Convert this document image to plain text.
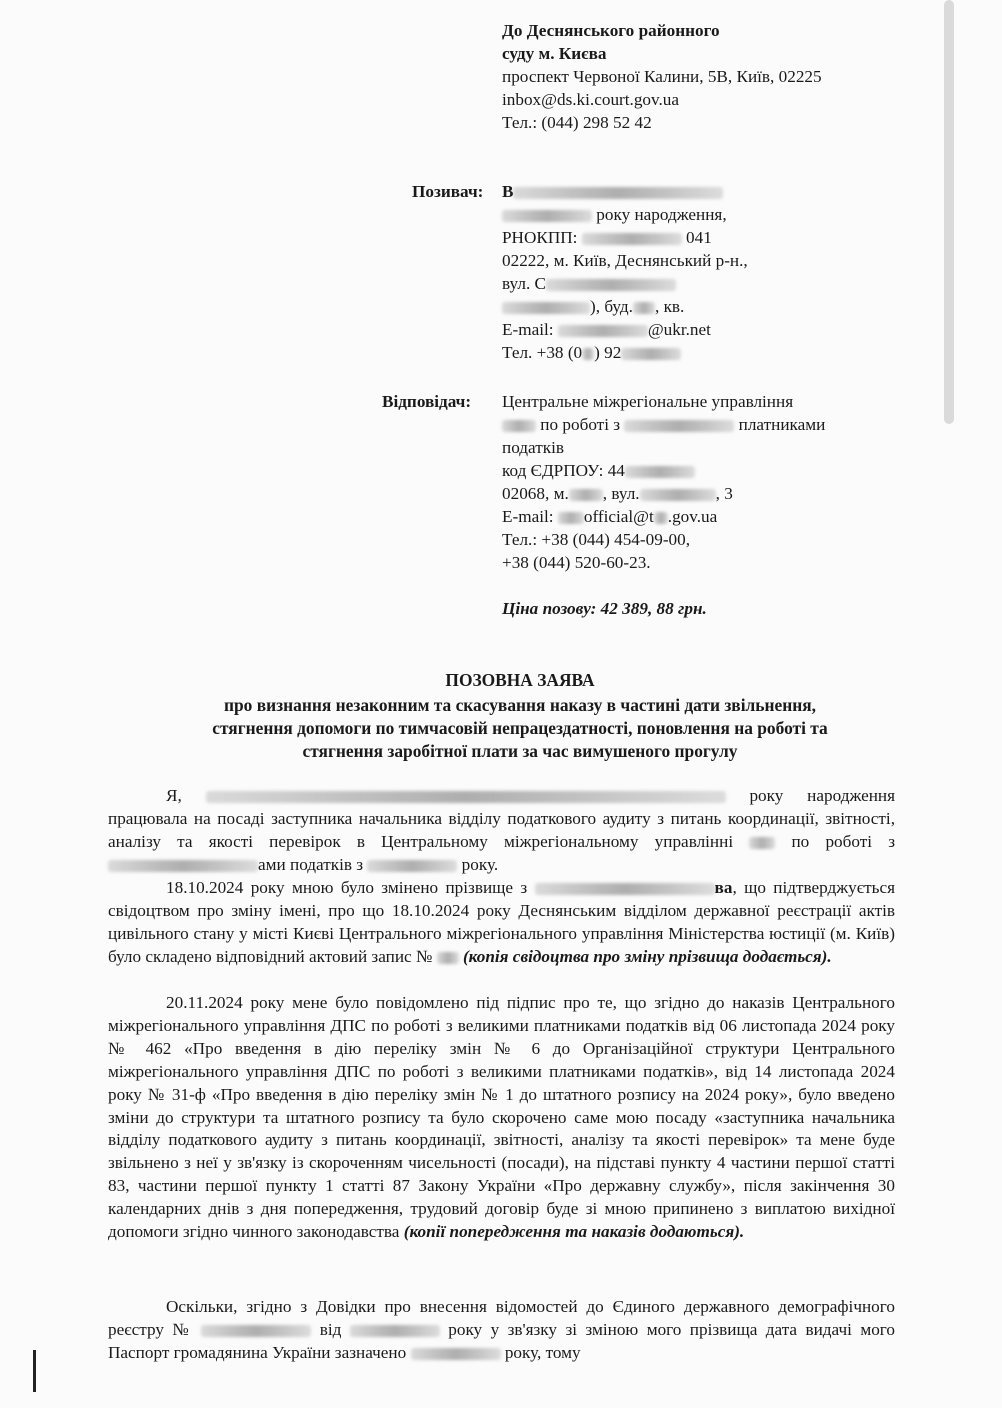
До Деснянського районного
суду м. Києва
проспект Червоної Калини, 5В, Київ, 02225
inbox@ds.ki.court.gov.ua
Тел.: (044) 298 52 42
Позивач: В
року народження,
РНОКПП:	041
02222, м. Київ, Деснянський р-н.,
вул. С
), буд. , кв.
E-mail:	@ukr.net
Тел. +38 (0 ) 92
Відповідач: Центральне міжрегіональне управління
по роботі з	платниками
податків
код ЄДРПОУ: 44
02068, м. , вул.	, 3
E-mail: official@t .gov.ua
Тел.: +38 (044) 454-09-00,
+38 (044) 520-60-23.
Ціна позову: 42 389, 88 грн.
ПОЗОВНА ЗАЯВА
про визнання незаконним та скасування наказу в частині дати звільнення,
стягнення допомоги по тимчасовій непрацездатності, поновлення на роботі та
стягнення заробітної плати за час вимушеного прогулу
Я,	року народження працювала на посаді заступника начальника відділу податкового аудиту з питань координації, звітності, аналізу та якості перевірок в Центральному міжрегіональному управлінні	по роботі з ами податків з	року.
18.10.2024 року мною було змінено прізвище з	ва, що підтверджується свідоцтвом про зміну імені, про що 18.10.2024 року Деснянським відділом державної реєстрації актів цивільного стану у місті Києві Центрального міжрегіонального управління Міністерства юстиції (м. Київ) було складено відповідний актовий запис № (копія свідоцтва про зміну прізвища додається).
20.11.2024 року мене було повідомлено під підпис про те, що згідно до наказів Центрального міжрегіонального управління ДПС по роботі з великими платниками податків від 06 листопада 2024 року № 462 «Про введення в дію переліку змін № 6 до Організаційної структури Центрального міжрегіонального управління ДПС по роботі з великими платниками податків», від 14 листопада 2024 року № 31-ф «Про введення в дію переліку змін № 1 до штатного розпису на 2024 року», було введено зміни до структури та штатного розпису та було скорочено саме мою посаду «заступника начальника відділу податкового аудиту з питань координації, звітності, аналізу та якості перевірок» та мене буде звільнено з неї у зв'язку із скороченням чисельності (посади), на підставі пункту 4 частини першої статті 83, частини першої пункту 1 статті 87 Закону України «Про державну службу», після закінчення 30 календарних днів з дня попередження, трудовий договір буде зі мною припинено з виплатою вихідної допомоги згідно чинного законодавства (копії попередження та наказів додаються).
Оскільки, згідно з Довідки про внесення відомостей до Єдиного державного демографічного реєстру №	від	року у зв'язку зі зміною мого прізвища дата видачі мого Паспорт громадянина України зазначено	року, тому
